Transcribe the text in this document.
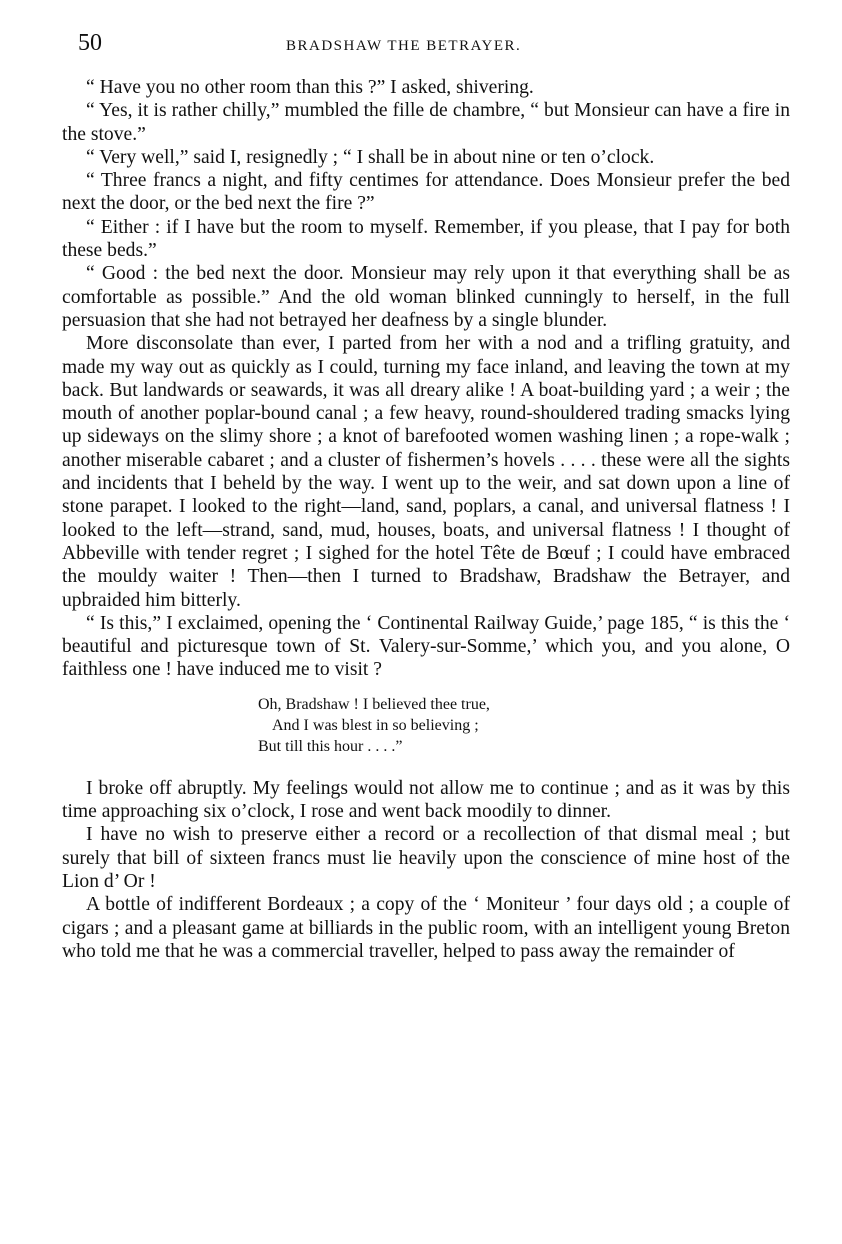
50	BRADSHAW THE BETRAYER.

“ Have you no other room than this ?” I asked, shivering.

“ Yes, it is rather chilly,” mumbled the fille de chambre, “ but Monsieur can have a fire in the stove.”

“ Very well,” said I, resignedly ; “ I shall be in about nine or ten o’clock.

“ Three francs a night, and fifty centimes for attendance. Does Monsieur prefer the bed next the door, or the bed next the fire ?”

“ Either : if I have but the room to myself. Remember, if you please, that I pay for both these beds.”

“ Good : the bed next the door. Monsieur may rely upon it that everything shall be as comfortable as possible.” And the old woman blinked cunningly to herself, in the full persuasion that she had not betrayed her deafness by a single blunder.

More disconsolate than ever, I parted from her with a nod and a trifling gratuity, and made my way out as quickly as I could, turning my face inland, and leaving the town at my back. But landwards or seawards, it was all dreary alike ! A boat-building yard ; a weir ; the mouth of another poplar-bound canal ; a few heavy, round-shouldered trading smacks lying up sideways on the slimy shore ; a knot of barefooted women washing linen ; a rope-walk ; another miserable cabaret ; and a cluster of fishermen’s hovels . . . . these were all the sights and incidents that I beheld by the way. I went up to the weir, and sat down upon a line of stone parapet. I looked to the right—land, sand, poplars, a canal, and universal flatness ! I looked to the left—strand, sand, mud, houses, boats, and universal flatness ! I thought of Abbeville with tender regret ; I sighed for the hotel Tête de Bœuf ; I could have embraced the mouldy waiter ! Then—then I turned to Bradshaw, Bradshaw the Betrayer, and upbraided him bitterly.

“ Is this,” I exclaimed, opening the ‘ Continental Railway Guide,’ page 185, “ is this the ‘ beautiful and picturesque town of St. Valery-sur-Somme,’ which you, and you alone, O faithless one ! have induced me to visit ?

Oh, Bradshaw ! I believed thee true,
And I was blest in so believing ;
But till this hour . . . .”

I broke off abruptly. My feelings would not allow me to continue ; and as it was by this time approaching six o’clock, I rose and went back moodily to dinner.

I have no wish to preserve either a record or a recollection of that dismal meal ; but surely that bill of sixteen francs must lie heavily upon the conscience of mine host of the Lion d’ Or !

A bottle of indifferent Bordeaux ; a copy of the ‘ Moniteur ’ four days old ; a couple of cigars ; and a pleasant game at billiards in the public room, with an intelligent young Breton who told me that he was a commercial traveller, helped to pass away the remainder of
